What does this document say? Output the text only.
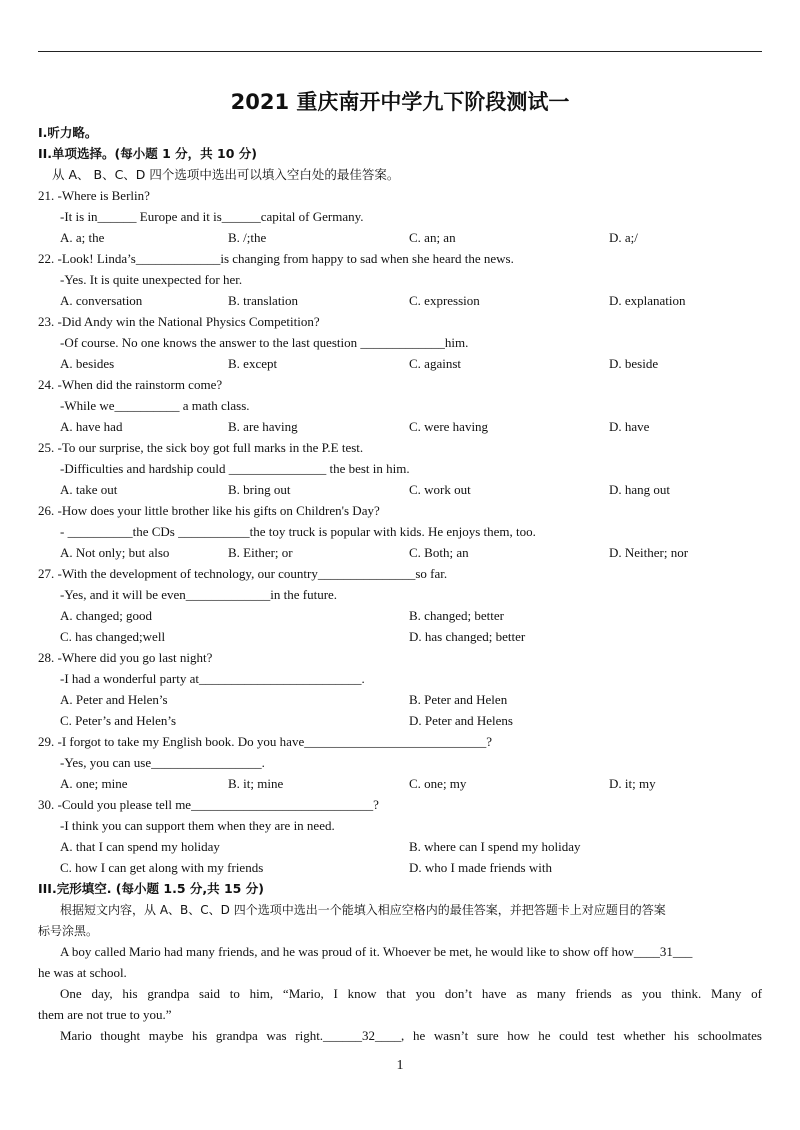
2021 重庆南开中学九下阶段测试一
I.听力略。
II.单项选择。(每小题 1 分，共 10 分)
从 A、 B、C、D 四个选项中选出可以填入空白处的最佳答案。
21. -Where is Berlin?
-It is in______ Europe and it is______capital of Germany.
A. a; the	B. /;the	C. an; an	D. a;/
22. -Look! Linda’s_____________is changing from happy to sad when she heard the news.
-Yes. It is quite unexpected for her.
A. conversation	B. translation	C. expression	D. explanation
23. -Did Andy win the National Physics Competition?
-Of course. No one knows the answer to the last question _____________him.
A. besides	B. except	C. against	D. beside
24. -When did the rainstorm come?
-While we__________ a math class.
A. have had	B. are having	C. were having	D. have
25. -To our surprise, the sick boy got full marks in the P.E test.
-Difficulties and hardship could _______________ the best in him.
A. take out	B. bring out	C. work out	D. hang out
26. -How does your little brother like his gifts on Children's Day?
- __________the CDs ___________the toy truck is popular with kids. He enjoys them, too.
A. Not only; but also	B. Either; or	C. Both; an	D. Neither; nor
27. -With the development of technology, our country_______________so far.
-Yes, and it will be even_____________in the future.
A. changed; good	B. changed; better
C. has changed;well	D. has changed; better
28. -Where did you go last night?
-I had a wonderful party at_________________________.
A. Peter and Helen’s	B. Peter and Helen
C. Peter’s and Helen’s	D. Peter and Helens
29. -I forgot to take my English book. Do you have____________________________?
-Yes, you can use_________________.
A. one; mine	B. it; mine	C. one; my	D. it; my
30. -Could you please tell me____________________________?
-I think you can support them when they are in need.
A. that I can spend my holiday	B. where can I spend my holiday
C. how I can get along with my friends	D. who I made friends with
III.完形填空. (每小题 1.5 分,共 15 分)
根据短文内容，从 A、B、C、D 四个选项中选出一个能填入相应空格内的最佳答案，并把答题卡上对应题目的答案
标号涂黑。
A boy called Mario had many friends, and he was proud of it. Whoever be met, he would like to show off how____31___
he was at school.
One day, his grandpa said to him, “Mario, I know that you don’t have as many friends as you think. Many of
them are not true to you.”
Mario thought maybe his grandpa was right.______32____, he wasn’t sure how he could test whether his schoolmates
1
